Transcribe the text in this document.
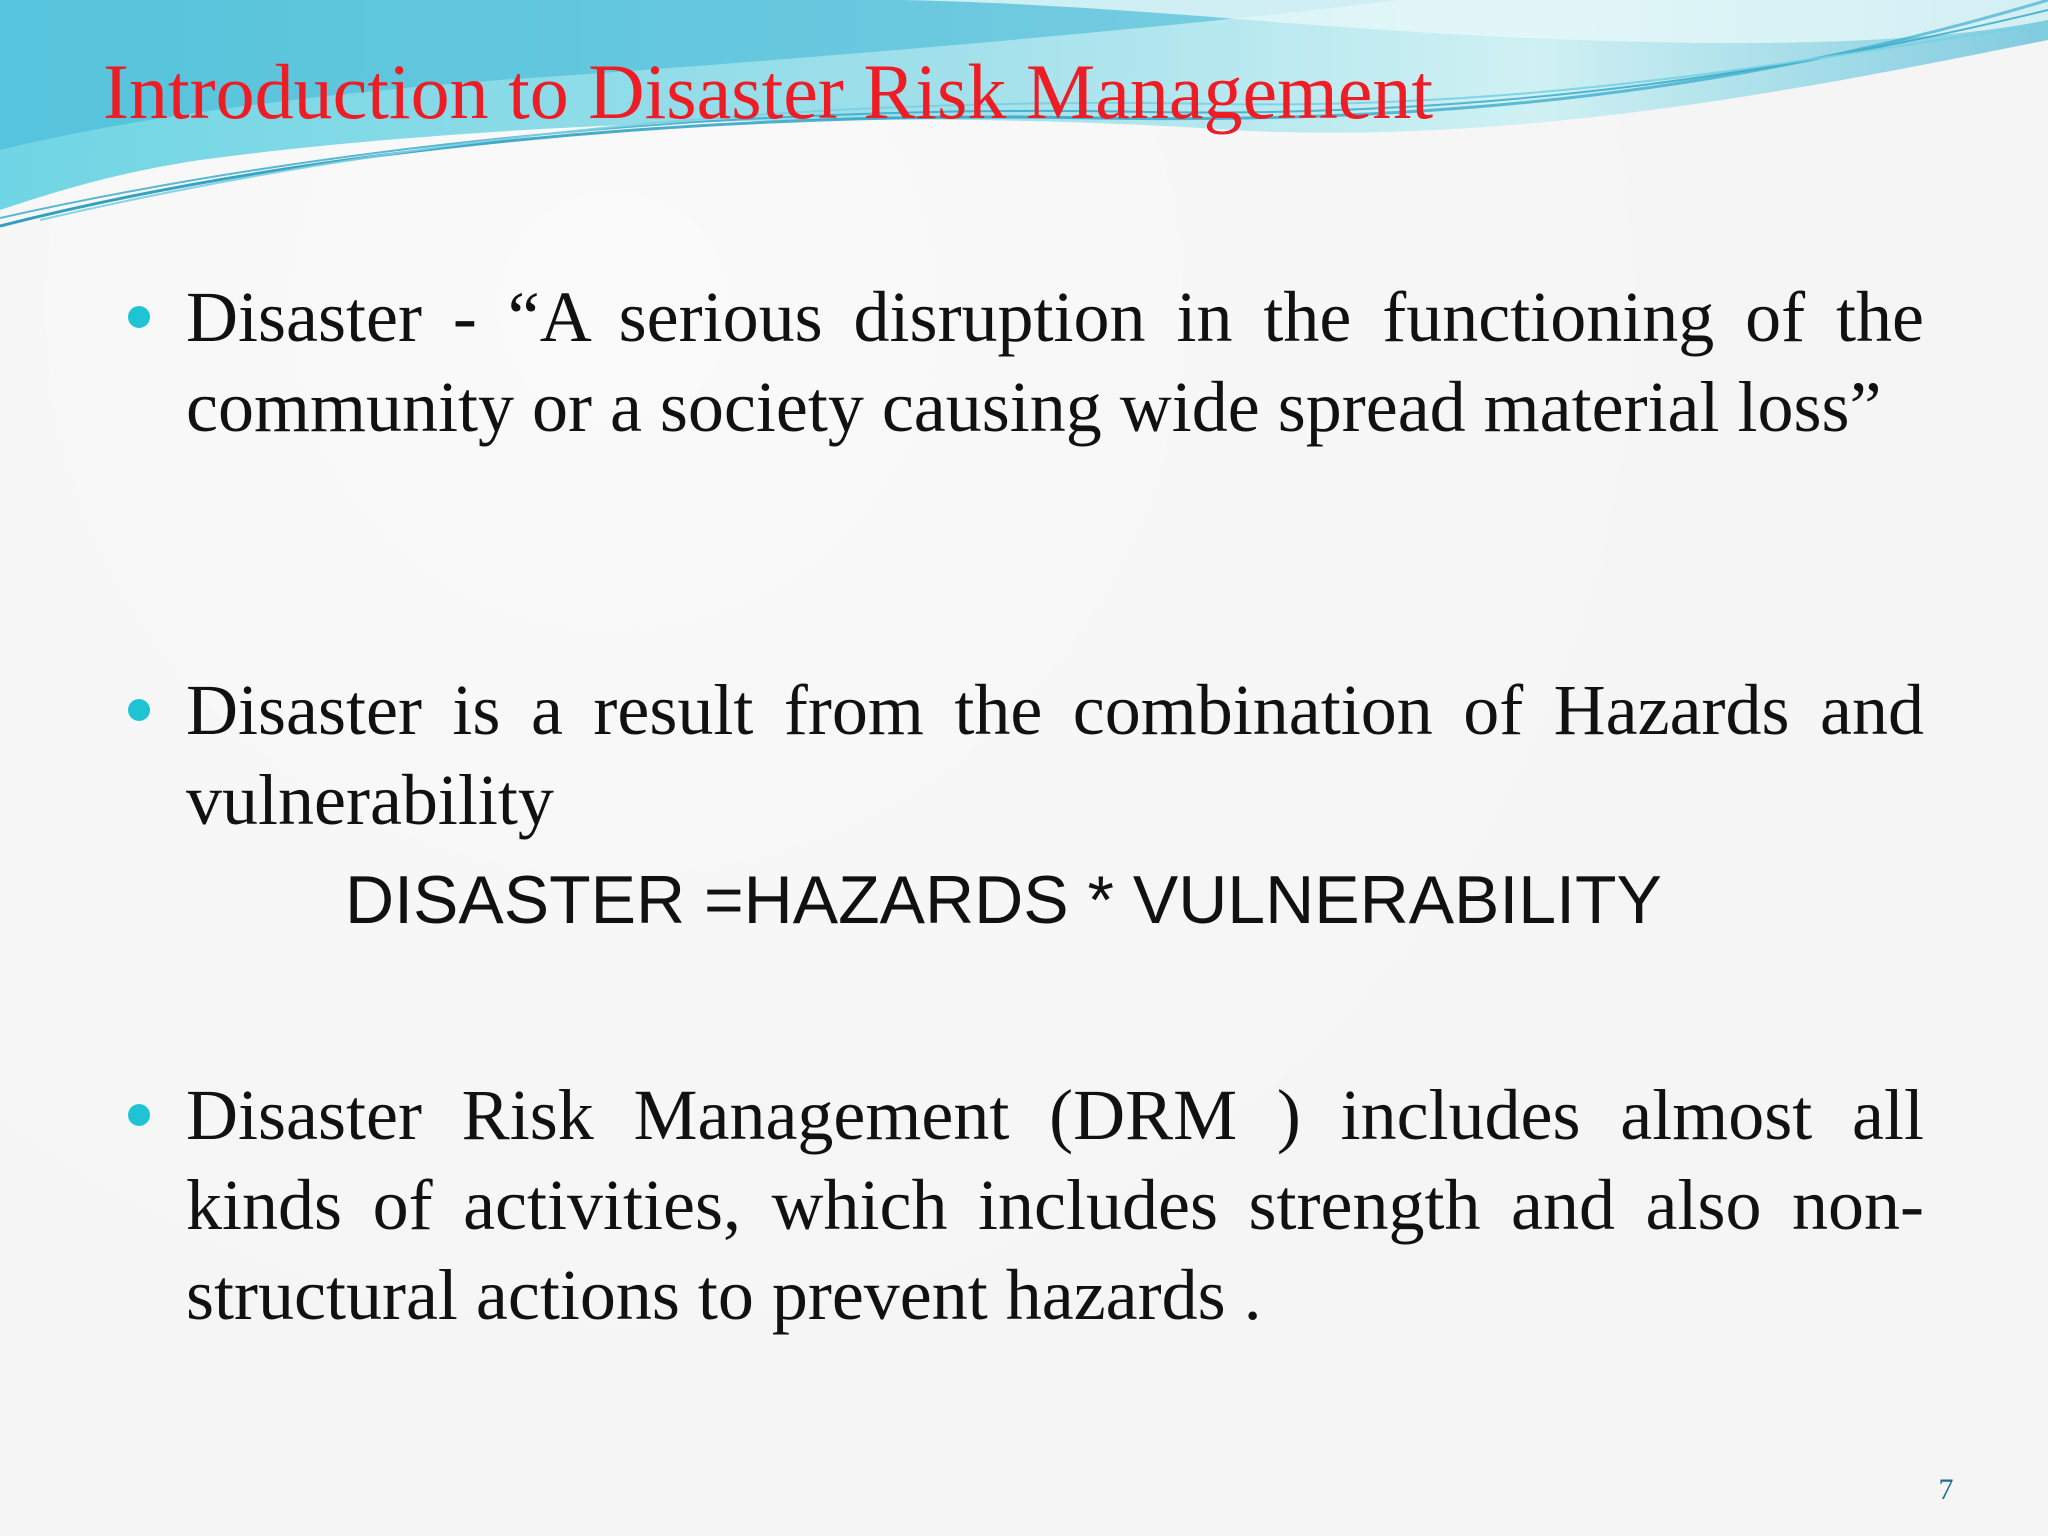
Introduction to Disaster Risk Management
Disaster - “A serious disruption in the functioning of the community or a society causing wide spread material loss”
Disaster is a result from the combination of Hazards and vulnerability

DISASTER =HAZARDS * VULNERABILITY

Disaster Risk Management (DRM ) includes almost all kinds of activities, which includes strength and also non-structural actions to prevent hazards .
7
